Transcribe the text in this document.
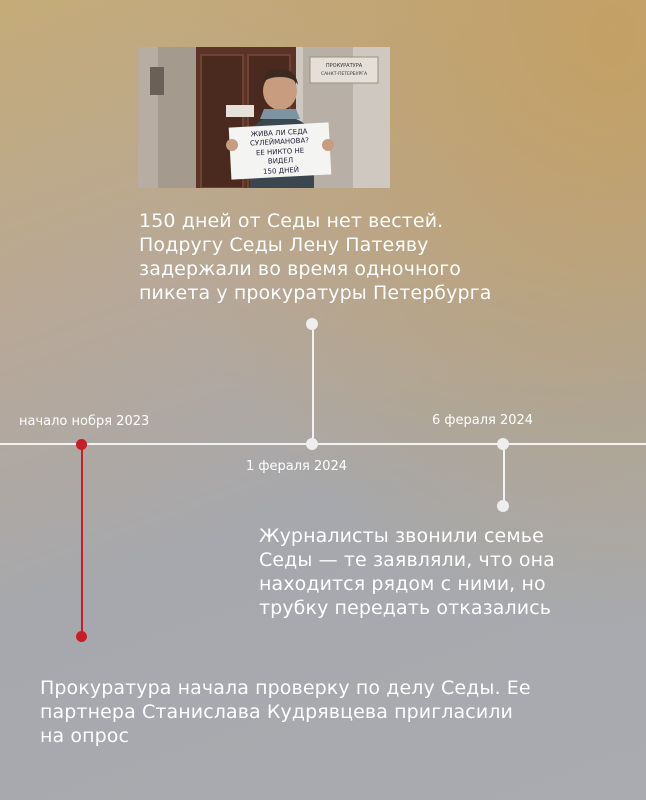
ПРОКУРАТУРА
САНКТ-ПЕТЕРБУРГА
ЖИВА ЛИ СЕДА
СУЛЕЙМАНОВА?
ЕЕ НИКТО НЕ
ВИДЕЛ
150 ДНЕЙ
150 дней от Седы нет вестей. Подругу Седы Лену Патеяву задержали во время одночного пикета у прокуратуры Петербурга
начало нобря 2023
Прокуратура начала проверку по делу Седы. Ее партнера Станислава Кудрявцева пригласили на опрос
1 фераля 2024
6 фераля 2024
Журналисты звонили семье Седы — те заявляли, что она находится рядом с ними, но трубку передать отказались
